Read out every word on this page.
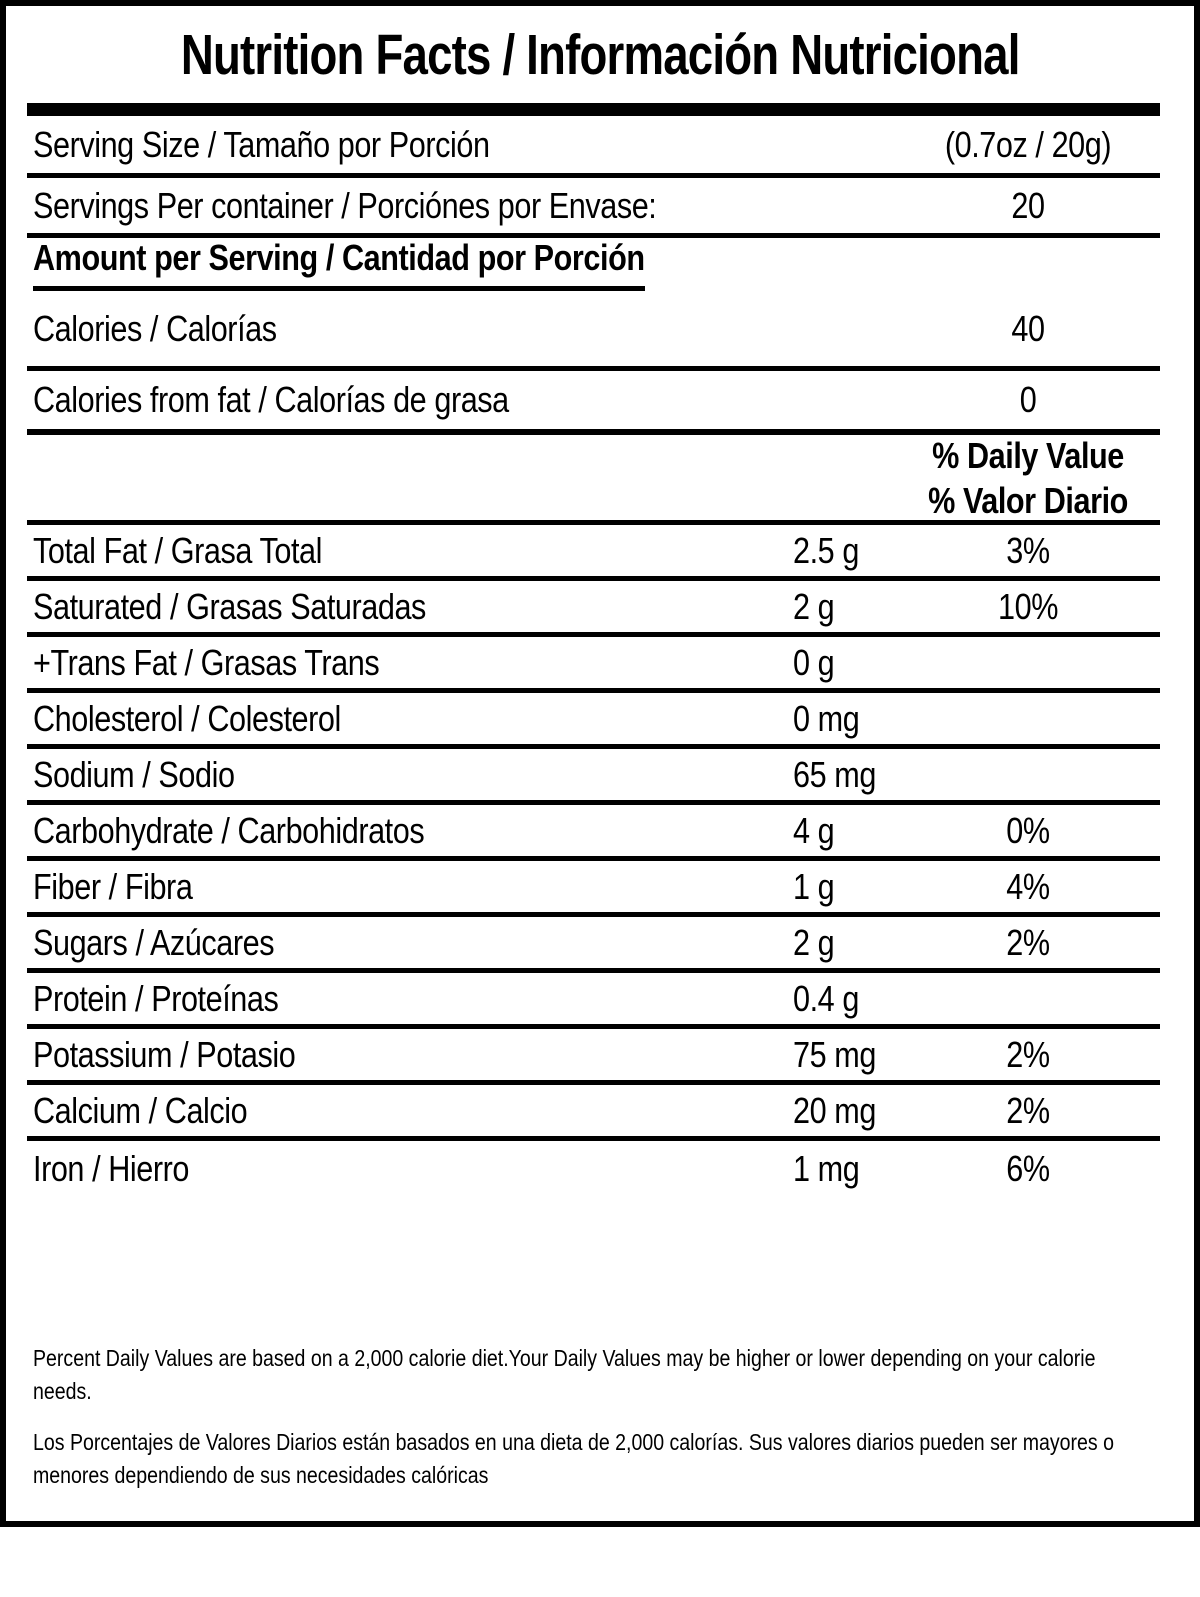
Nutrition Facts / Información Nutricional
Serving Size / Tamaño por Porción	(0.7oz / 20g)
Servings Per container / Porciónes por Envase:	20
Amount per Serving / Cantidad por Porción
Calories / Calorías	40
Calories from fat / Calorías de grasa	0
% Daily Value
% Valor Diario
Total Fat / Grasa Total	2.5 g	3%
Saturated / Grasas Saturadas	2 g	10%
+Trans Fat / Grasas Trans	0 g
Cholesterol / Colesterol	0 mg
Sodium / Sodio	65 mg
Carbohydrate / Carbohidratos	4 g	0%
Fiber / Fibra	1 g	4%
Sugars / Azúcares	2 g	2%
Protein / Proteínas	0.4 g
Potassium / Potasio	75 mg	2%
Calcium / Calcio	20 mg	2%
Iron / Hierro	1 mg	6%

Percent Daily Values are based on a 2,000 calorie diet.Your Daily Values may be higher or lower depending on your calorie needs.

Los Porcentajes de Valores Diarios están basados en una dieta de 2,000 calorías. Sus valores diarios pueden ser mayores o menores dependiendo de sus necesidades calóricas
